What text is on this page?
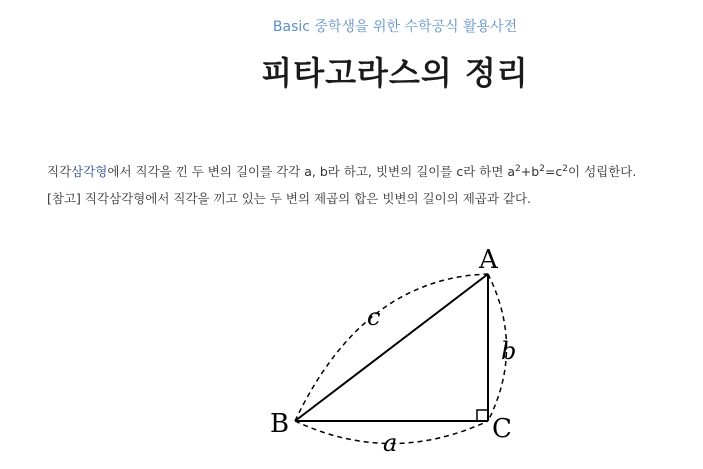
Basic 중학생을 위한 수학공식 활용사전
피타고라스의 정리

직각삼각형에서 직각을 낀 두 변의 길이를 각각 a, b라 하고, 빗변의 길이를 c라 하면 $a^2+b^2=c^2$이 성립한다.

[참고] 직각삼각형에서 직각을 끼고 있는 두 변의 제곱의 합은 빗변의 길이의 제곱과 같다.

A
B	C
a
b
c
